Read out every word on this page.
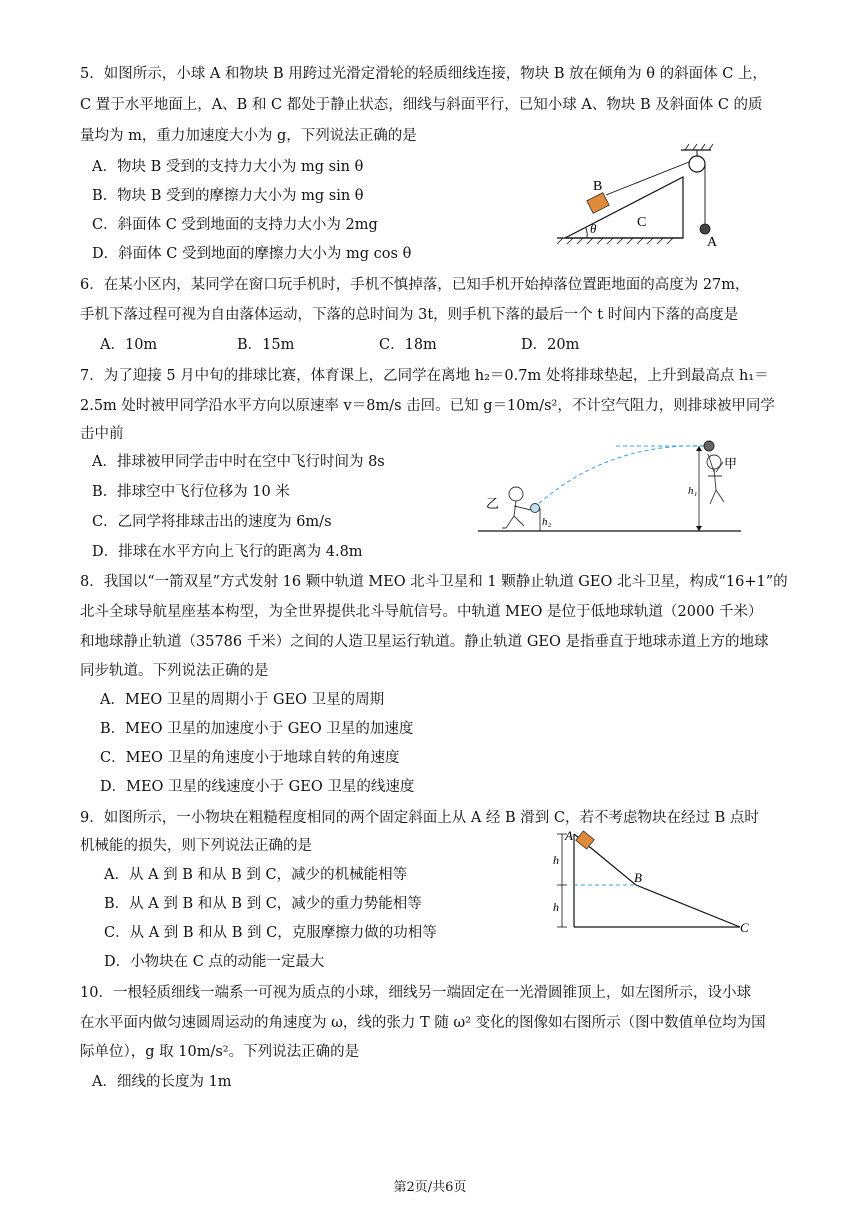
5．如图所示，小球 A 和物块 B 用跨过光滑定滑轮的轻质细线连接，物块 B 放在倾角为 θ 的斜面体 C 上，
C 置于水平地面上，A、B 和 C 都处于静止状态，细线与斜面平行，已知小球 A、物块 B 及斜面体 C 的质
量均为 m，重力加速度大小为 g，下列说法正确的是
A．物块 B 受到的支持力大小为 mg sin θ
B．物块 B 受到的摩擦力大小为 mg sin θ
C．斜面体 C 受到地面的支持力大小为 2mg
D．斜面体 C 受到地面的摩擦力大小为 mg cos θ
B
C
A
θ
6．在某小区内，某同学在窗口玩手机时，手机不慎掉落，已知手机开始掉落位置距地面的高度为 27m，
手机下落过程可视为自由落体运动，下落的总时间为 3t，则手机下落的最后一个 t 时间内下落的高度是
A．10m	B．15m	C．18m	D．20m
7．为了迎接 5 月中旬的排球比赛，体育课上，乙同学在离地 h₂＝0.7m 处将排球垫起，上升到最高点 h₁＝
2.5m 处时被甲同学沿水平方向以原速率 v＝8m/s 击回。已知 g＝10m/s²，不计空气阻力，则排球被甲同学
击中前
A．排球被甲同学击中时在空中飞行时间为 8s
B．排球空中飞行位移为 10 米
C．乙同学将排球击出的速度为 6m/s
D．排球在水平方向上飞行的距离为 4.8m
甲
乙
h₁
h₂
8．我国以“一箭双星”方式发射 16 颗中轨道 MEO 北斗卫星和 1 颗静止轨道 GEO 北斗卫星，构成“16+1”的
北斗全球导航星座基本构型，为全世界提供北斗导航信号。中轨道 MEO 是位于低地球轨道（2000 千米）
和地球静止轨道（35786 千米）之间的人造卫星运行轨道。静止轨道 GEO 是指垂直于地球赤道上方的地球
同步轨道。下列说法正确的是
A．MEO 卫星的周期小于 GEO 卫星的周期
B．MEO 卫星的加速度小于 GEO 卫星的加速度
C．MEO 卫星的角速度小于地球自转的角速度
D．MEO 卫星的线速度小于 GEO 卫星的线速度
9．如图所示，一小物块在粗糙程度相同的两个固定斜面上从 A 经 B 滑到 C，若不考虑物块在经过 B 点时
机械能的损失，则下列说法正确的是
A．从 A 到 B 和从 B 到 C，减少的机械能相等
B．从 A 到 B 和从 B 到 C，减少的重力势能相等
C．从 A 到 B 和从 B 到 C，克服摩擦力做的功相等
D．小物块在 C 点的动能一定最大
A
B
C
h
h
10．一根轻质细线一端系一可视为质点的小球，细线另一端固定在一光滑圆锥顶上，如左图所示，设小球
在水平面内做匀速圆周运动的角速度为 ω，线的张力 T 随 ω² 变化的图像如右图所示（图中数值单位均为国
际单位），g 取 10m/s²。下列说法正确的是
A．细线的长度为 1m
第2页/共6页
